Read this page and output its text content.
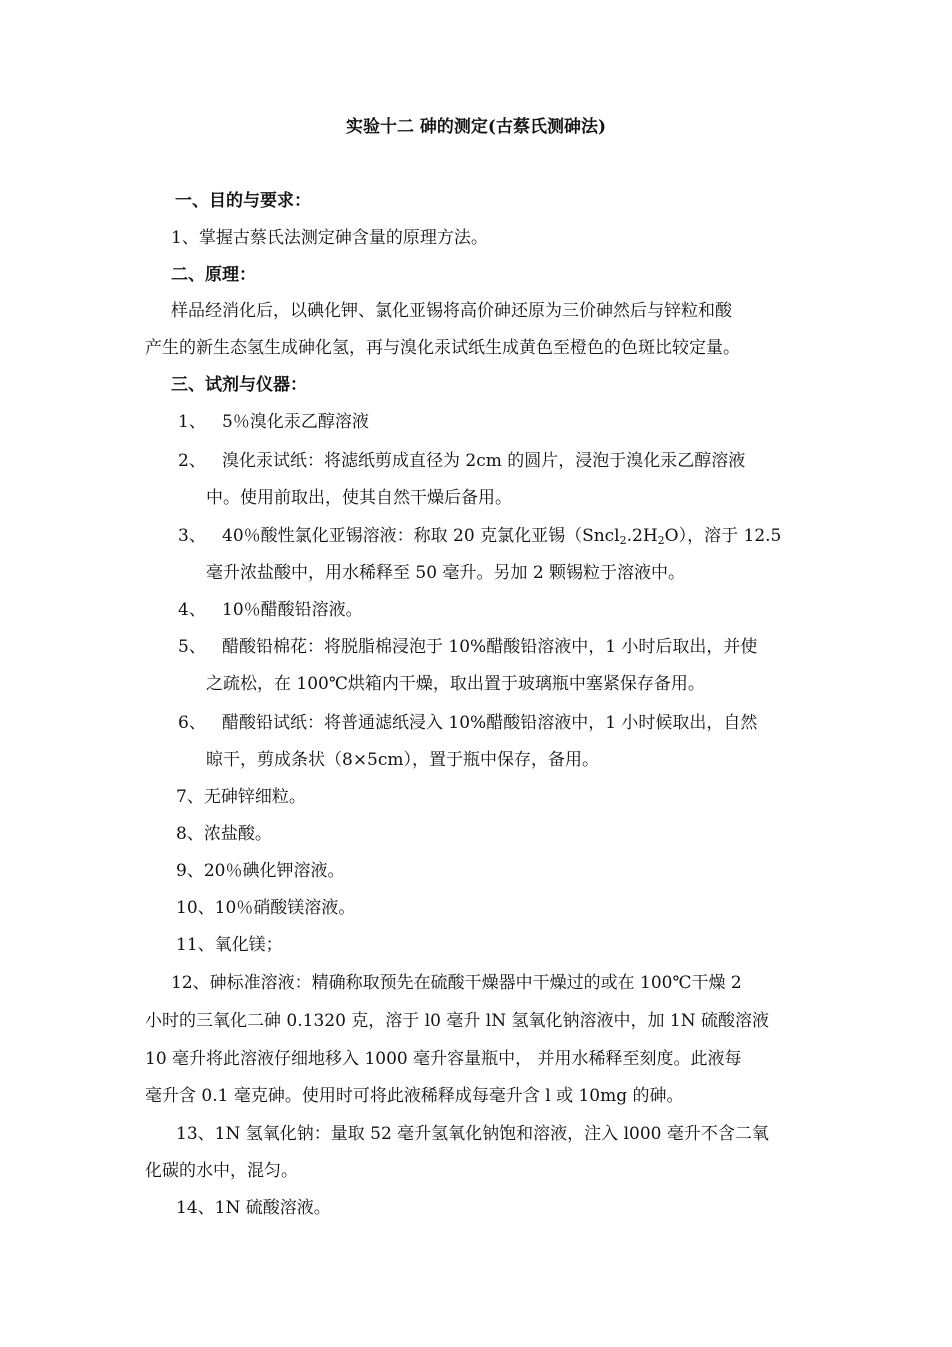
实验十二 砷的测定(古蔡氏测砷法)
一、目的与要求：
1、掌握古蔡氏法测定砷含量的原理方法。
二、原理：
样品经消化后，以碘化钾、氯化亚锡将高价砷还原为三价砷然后与锌粒和酸
产生的新生态氢生成砷化氢，再与溴化汞试纸生成黄色至橙色的色斑比较定量。
三、试剂与仪器：
1、 5％溴化汞乙醇溶液
2、 溴化汞试纸：将滤纸剪成直径为 2cm 的圆片，浸泡于溴化汞乙醇溶液
中。使用前取出，使其自然干燥后备用。
3、 40％酸性氯化亚锡溶液：称取 20 克氯化亚锡$(Sncl_2.2H_2O)$，溶于 12.5
毫升浓盐酸中，用水稀释至 50 毫升。另加 2 颗锡粒于溶液中。
4、 10％醋酸铅溶液。
5、 醋酸铅棉花：将脱脂棉浸泡于 10%醋酸铅溶液中，1 小时后取出，并使
之疏松，在 100℃烘箱内干燥，取出置于玻璃瓶中塞紧保存备用。
6、 醋酸铅试纸：将普通滤纸浸入 10%醋酸铅溶液中，1 小时候取出，自然
晾干，剪成条状（8×5cm），置于瓶中保存，备用。
7、无砷锌细粒。
8、浓盐酸。
9、20％碘化钾溶液。
10、10％硝酸镁溶液。
11、氧化镁；
12、砷标准溶液：精确称取预先在硫酸干燥器中干燥过的或在 100℃干燥 2
小时的三氧化二砷 0.1320 克，溶于 l0 毫升 lN 氢氧化钠溶液中，加 1N 硫酸溶液
10 毫升将此溶液仔细地移入 1000 毫升容量瓶中， 并用水稀释至刻度。此液每
毫升含 0.1 毫克砷。使用时可将此液稀释成每毫升含 l 或 10mg 的砷。
13、1N 氢氧化钠：量取 52 毫升氢氧化钠饱和溶液，注入 l000 毫升不含二氧
化碳的水中，混匀。
14、1N 硫酸溶液。
